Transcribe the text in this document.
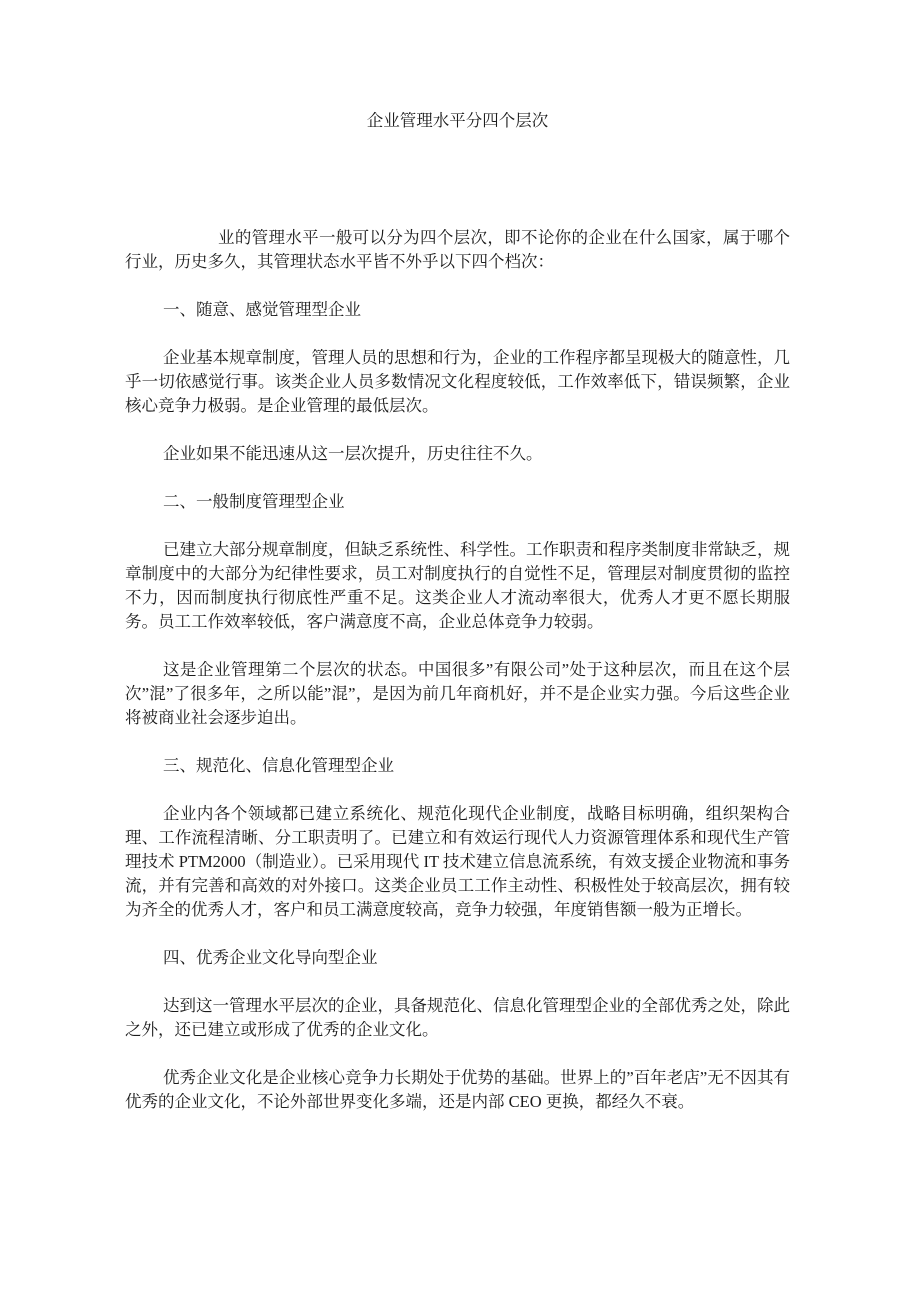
企业管理水平分四个层次

业的管理水平一般可以分为四个层次，即不论你的企业在什么国家，属于哪个行业，历史多久，其管理状态水平皆不外乎以下四个档次：

一、随意、感觉管理型企业

企业基本规章制度，管理人员的思想和行为，企业的工作程序都呈现极大的随意性，几乎一切依感觉行事。该类企业人员多数情况文化程度较低，工作效率低下，错误频繁，企业核心竞争力极弱。是企业管理的最低层次。

企业如果不能迅速从这一层次提升，历史往往不久。

二、一般制度管理型企业

已建立大部分规章制度，但缺乏系统性、科学性。工作职责和程序类制度非常缺乏，规章制度中的大部分为纪律性要求，员工对制度执行的自觉性不足，管理层对制度贯彻的监控不力，因而制度执行彻底性严重不足。这类企业人才流动率很大，优秀人才更不愿长期服务。员工工作效率较低，客户满意度不高，企业总体竞争力较弱。

这是企业管理第二个层次的状态。中国很多”有限公司”处于这种层次，而且在这个层次”混”了很多年，之所以能”混”，是因为前几年商机好，并不是企业实力强。今后这些企业将被商业社会逐步迫出。

三、规范化、信息化管理型企业

企业内各个领域都已建立系统化、规范化现代企业制度，战略目标明确，组织架构合理、工作流程清晰、分工职责明了。已建立和有效运行现代人力资源管理体系和现代生产管理技术 PTM2000（制造业）。已采用现代 IT 技术建立信息流系统，有效支援企业物流和事务流，并有完善和高效的对外接口。这类企业员工工作主动性、积极性处于较高层次，拥有较为齐全的优秀人才，客户和员工满意度较高，竞争力较强，年度销售额一般为正增长。

四、优秀企业文化导向型企业

达到这一管理水平层次的企业，具备规范化、信息化管理型企业的全部优秀之处，除此之外，还已建立或形成了优秀的企业文化。

优秀企业文化是企业核心竞争力长期处于优势的基础。世界上的”百年老店”无不因其有优秀的企业文化，不论外部世界变化多端，还是内部 CEO 更换，都经久不衰。
